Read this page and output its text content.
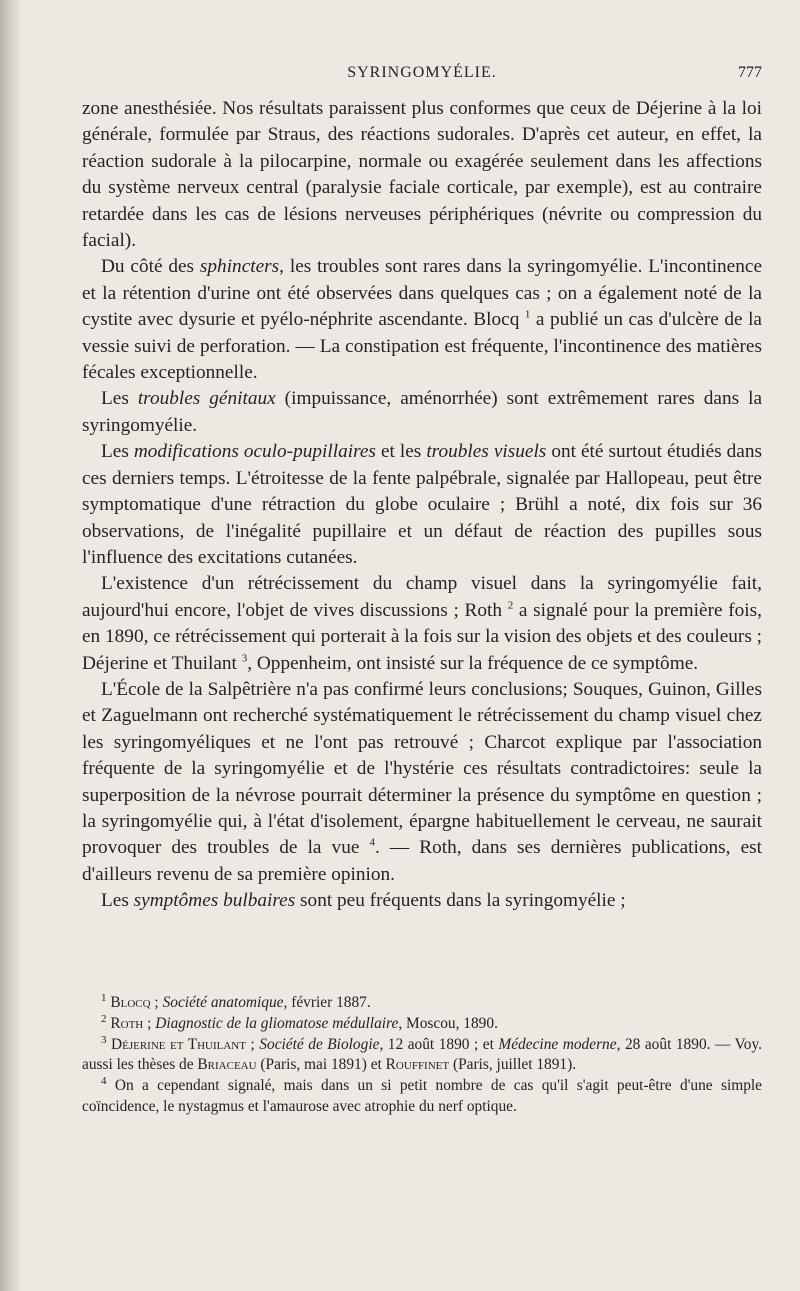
SYRINGOMYÉLIE.	777

zone anesthésiée. Nos résultats paraissent plus conformes que ceux de Déjerine à la loi générale, formulée par Straus, des réactions sudorales. D'après cet auteur, en effet, la réaction sudorale à la pilocarpine, normale ou exagérée seulement dans les affections du système nerveux central (paralysie faciale corticale, par exemple), est au contraire retardée dans les cas de lésions nerveuses périphériques (névrite ou compression du facial).

Du côté des sphincters, les troubles sont rares dans la syringomyélie. L'incontinence et la rétention d'urine ont été observées dans quelques cas ; on a également noté de la cystite avec dysurie et pyélo-néphrite ascendante. Blocq $^1$ a publié un cas d'ulcère de la vessie suivi de perforation. — La constipation est fréquente, l'incontinence des matières fécales exceptionnelle.

Les troubles génitaux (impuissance, aménorrhée) sont extrêmement rares dans la syringomyélie.

Les modifications oculo-pupillaires et les troubles visuels ont été surtout étudiés dans ces derniers temps. L'étroitesse de la fente palpébrale, signalée par Hallopeau, peut être symptomatique d'une rétraction du globe oculaire ; Brühl a noté, dix fois sur 36 observations, de l'inégalité pupillaire et un défaut de réaction des pupilles sous l'influence des excitations cutanées.

L'existence d'un rétrécissement du champ visuel dans la syringomyélie fait, aujourd'hui encore, l'objet de vives discussions ; Roth $^2$ a signalé pour la première fois, en 1890, ce rétrécissement qui porterait à la fois sur la vision des objets et des couleurs ; Déjerine et Thuilant $^3$, Oppenheim, ont insisté sur la fréquence de ce symptôme.

L'École de la Salpêtrière n'a pas confirmé leurs conclusions; Souques, Guinon, Gilles et Zaguelmann ont recherché systématiquement le rétrécissement du champ visuel chez les syringomyéliques et ne l'ont pas retrouvé ; Charcot explique par l'association fréquente de la syringomyélie et de l'hystérie ces résultats contradictoires: seule la superposition de la névrose pourrait déterminer la présence du symptôme en question ; la syringomyélie qui, à l'état d'isolement, épargne habituellement le cerveau, ne saurait provoquer des troubles de la vue $^4$. — Roth, dans ses dernières publications, est d'ailleurs revenu de sa première opinion.

Les symptômes bulbaires sont peu fréquents dans la syringomyélie ;

$^1$ Blocq ; Société anatomique, février 1887.

$^2$ Roth ; Diagnostic de la gliomatose médullaire, Moscou, 1890.

$^3$ Déjerine et Thuilant ; Société de Biologie, 12 août 1890 ; et Médecine moderne, 28 août 1890. — Voy. aussi les thèses de Briaceau (Paris, mai 1891) et Rouffinet (Paris, juillet 1891).

$^4$ On a cependant signalé, mais dans un si petit nombre de cas qu'il s'agit peut-être d'une simple coïncidence, le nystagmus et l'amaurose avec atrophie du nerf optique.
